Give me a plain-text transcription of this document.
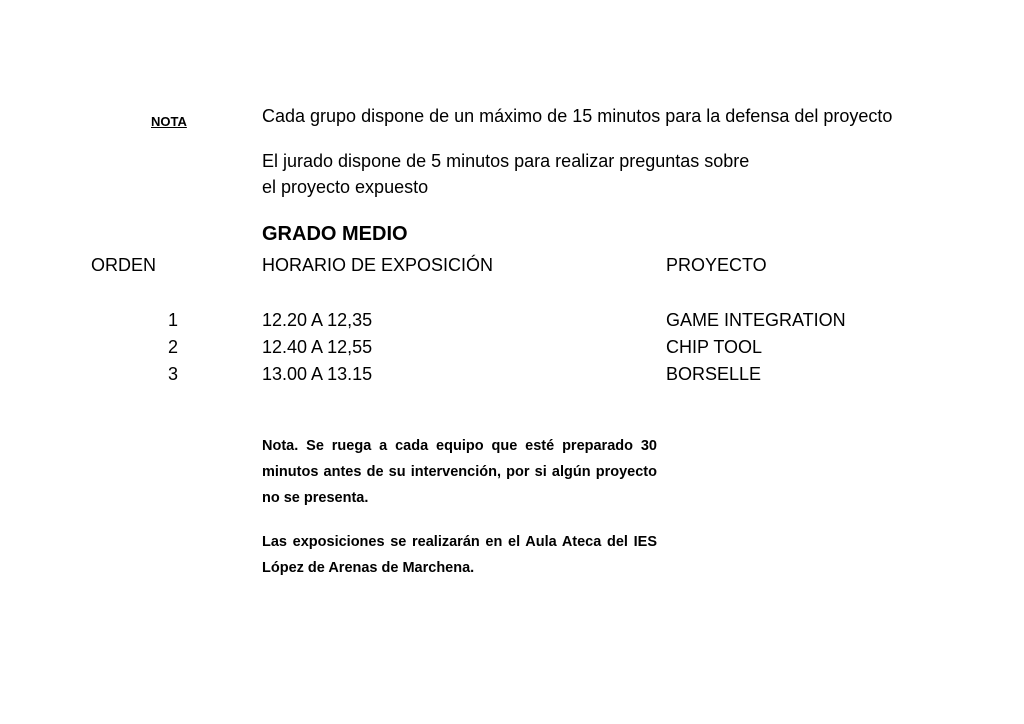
NOTA	Cada grupo dispone de un máximo de 15 minutos para la defensa del proyecto
El jurado dispone de 5 minutos para realizar preguntas sobre
el proyecto expuesto
GRADO MEDIO
ORDEN	HORARIO DE EXPOSICIÓN	PROYECTO
1	12.20 A 12,35	GAME INTEGRATION
2	12.40 A 12,55	CHIP TOOL
3	13.00 A 13.15	BORSELLE
Nota. Se ruega a cada equipo que esté preparado 30 minutos antes de su intervención, por si algún proyecto no se presenta.
Las exposiciones se realizarán en el Aula Ateca del IES López de Arenas de Marchena.
